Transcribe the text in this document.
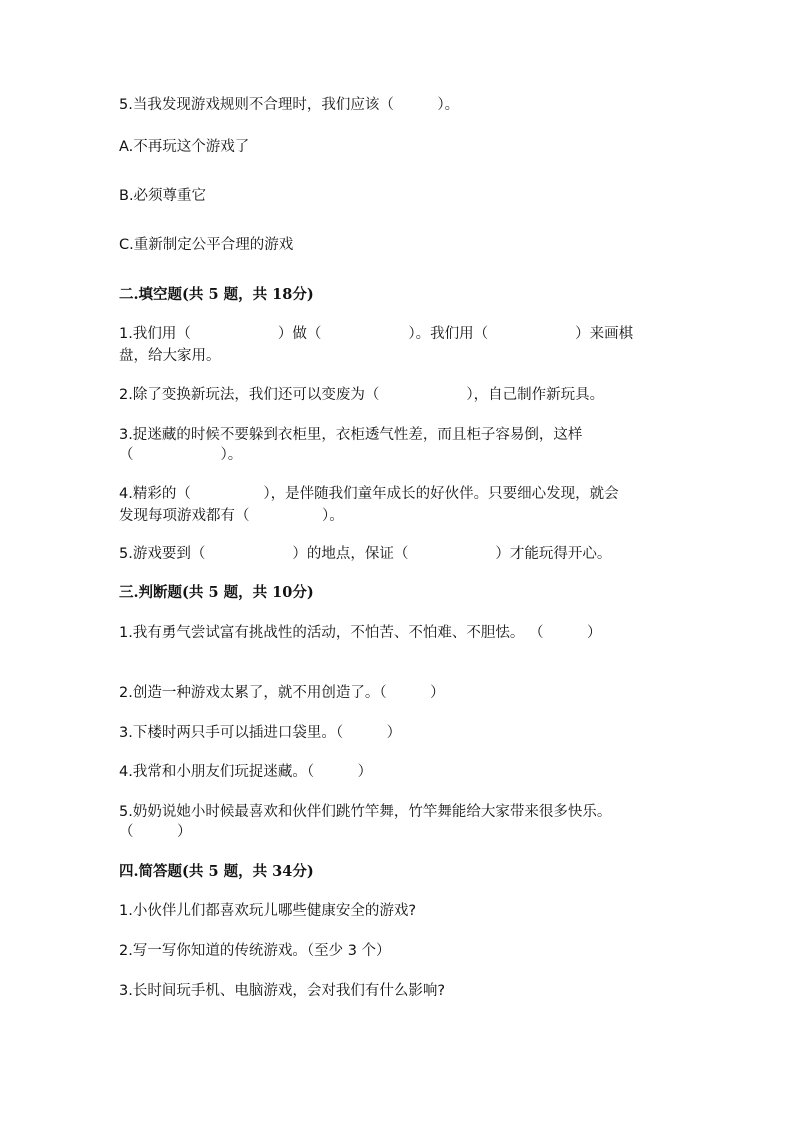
5.当我发现游戏规则不合理时，我们应该（　　　）。
A.不再玩这个游戏了
B.必须尊重它
C.重新制定公平合理的游戏
二.填空题(共 5 题，共 18分)
1.我们用（　　　　　　）做（　　　　　　）。我们用（　　　　　　）来画棋
盘，给大家用。
2.除了变换新玩法，我们还可以变废为（　　　　　　），自己制作新玩具。
3.捉迷藏的时候不要躲到衣柜里，衣柜透气性差，而且柜子容易倒，这样
（　　　　　　）。
4.精彩的（　　　　　），是伴随我们童年成长的好伙伴。只要细心发现，就会
发现每项游戏都有（　　　　　）。
5.游戏要到（　　　　　　）的地点，保证（　　　　　　）才能玩得开心。
三.判断题(共 5 题，共 10分)
1.我有勇气尝试富有挑战性的活动，不怕苦、不怕难、不胆怯。 （　　　）
2.创造一种游戏太累了，就不用创造了。（　　　）
3.下楼时两只手可以插进口袋里。（　　　）
4.我常和小朋友们玩捉迷藏。（　　　）
5.奶奶说她小时候最喜欢和伙伴们跳竹竿舞，竹竿舞能给大家带来很多快乐。
（　　　）
四.简答题(共 5 题，共 34分)
1.小伙伴儿们都喜欢玩儿哪些健康安全的游戏?
2.写一写你知道的传统游戏。（至少 3 个）
3.长时间玩手机、电脑游戏，会对我们有什么影响?
